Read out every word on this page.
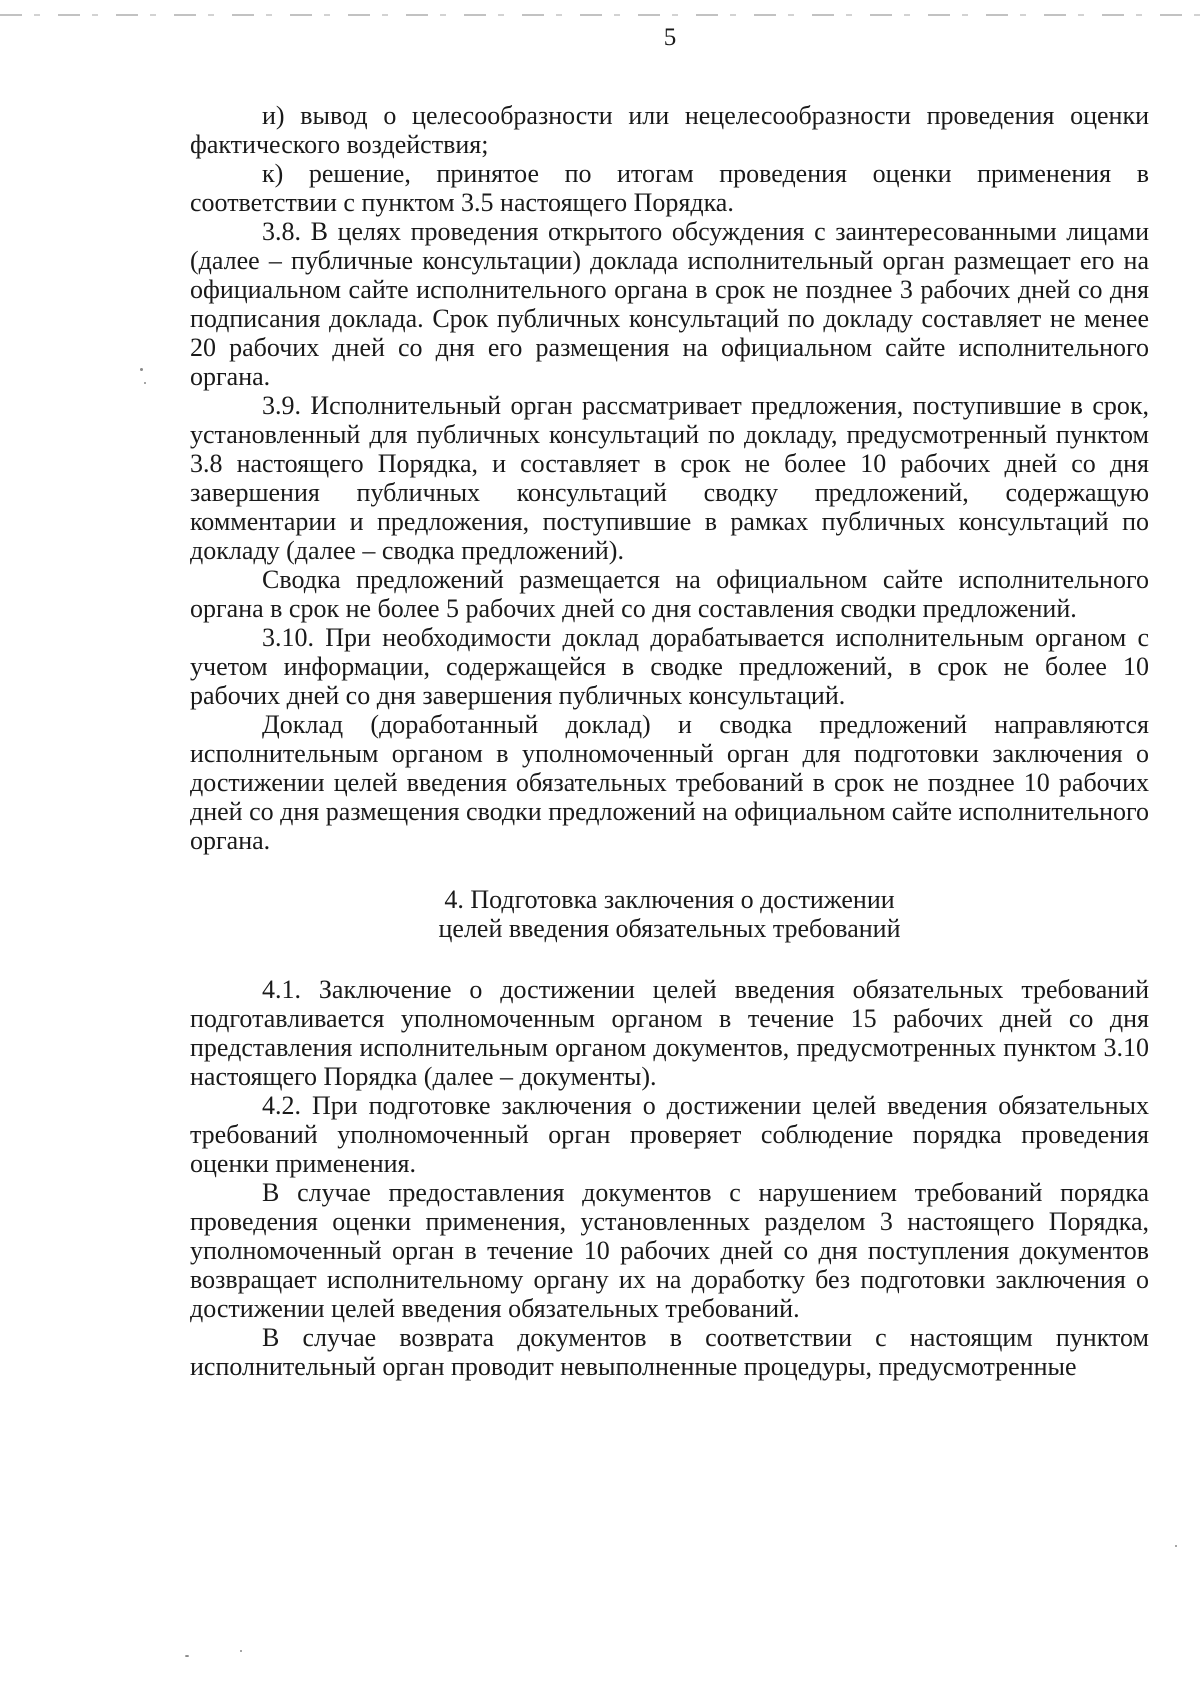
5

и) вывод о целесообразности или нецелесообразности проведения оценки фактического воздействия;

к) решение, принятое по итогам проведения оценки применения в соответствии с пунктом 3.5 настоящего Порядка.

3.8. В целях проведения открытого обсуждения с заинтересованными лицами (далее – публичные консультации) доклада исполнительный орган размещает его на официальном сайте исполнительного органа в срок не позднее 3 рабочих дней со дня подписания доклада. Срок публичных консультаций по докладу составляет не менее 20 рабочих дней со дня его размещения на официальном сайте исполнительного органа.

3.9. Исполнительный орган рассматривает предложения, поступившие в срок, установленный для публичных консультаций по докладу, предусмотренный пунктом 3.8 настоящего Порядка, и составляет в срок не более 10 рабочих дней со дня завершения публичных консультаций сводку предложений, содержащую комментарии и предложения, поступившие в рамках публичных консультаций по докладу (далее – сводка предложений).

Сводка предложений размещается на официальном сайте исполнительного органа в срок не более 5 рабочих дней со дня составления сводки предложений.

3.10. При необходимости доклад дорабатывается исполнительным органом с учетом информации, содержащейся в сводке предложений, в срок не более 10 рабочих дней со дня завершения публичных консультаций.

Доклад (доработанный доклад) и сводка предложений направляются исполнительным органом в уполномоченный орган для подготовки заключения о достижении целей введения обязательных требований в срок не позднее 10 рабочих дней со дня размещения сводки предложений на официальном сайте исполнительного органа.

4. Подготовка заключения о достижении
целей введения обязательных требований

4.1. Заключение о достижении целей введения обязательных требований подготавливается уполномоченным органом в течение 15 рабочих дней со дня представления исполнительным органом документов, предусмотренных пунктом 3.10 настоящего Порядка (далее – документы).

4.2. При подготовке заключения о достижении целей введения обязательных требований уполномоченный орган проверяет соблюдение порядка проведения оценки применения.

В случае предоставления документов с нарушением требований порядка проведения оценки применения, установленных разделом 3 настоящего Порядка, уполномоченный орган в течение 10 рабочих дней со дня поступления документов возвращает исполнительному органу их на доработку без подготовки заключения о достижении целей введения обязательных требований.

В случае возврата документов в соответствии с настоящим пунктом исполнительный орган проводит невыполненные процедуры, предусмотренные
